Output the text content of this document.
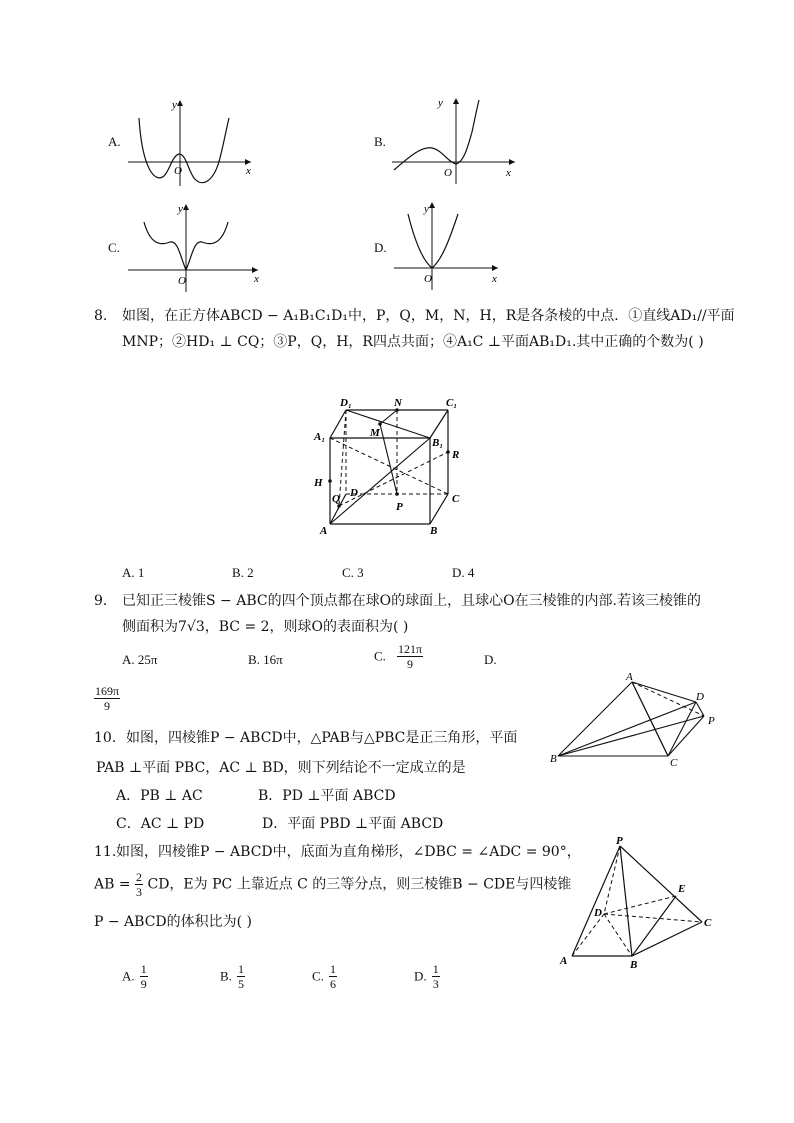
A.
y
x
O
B.
y
x
O
C.
y
x
O
D.
y
x
O
8. 如图，在正方体ABCD − A₁B₁C₁D₁中，P，Q，M，N，H，R是各条棱的中点．①直线AD₁//平面
MNP；②HD₁ ⊥ CQ；③P，Q，H，R四点共面；④A₁C ⊥平面AB₁D₁.其中正确的个数为( )
D₁	N	C₁
A₁	M
B₁
R
H
Q D
P
C
A	B
A. 1	B. 2	C. 3	D. 4
9. 已知正三棱锥S − ABC的四个顶点都在球O的球面上，且球心O在三棱锥的内部.若该三棱锥的
侧面积为7√3，BC = 2，则球O的表面积为( )
A. 25π	B. 16π	C. $\frac{121\pi}{9}$	D.
$\frac{169\pi}{9}$
10. 如图，四棱锥P − ABCD中，△PAB与△PBC是正三角形，平面
PAB ⊥平面 PBC，AC ⊥ BD，则下列结论不一定成立的是
A．PB ⊥ AC	B．PD ⊥平面 ABCD
C．AC ⊥ PD	D．平面 PBD ⊥平面 ABCD
A
D
P
B	C
11. 如图，四棱锥P − ABCD中，底面为直角梯形，∠DBC = ∠ADC = 90°，
AB = $\frac{2}{3}$ CD，E为 PC 上靠近点 C 的三等分点，则三棱锥B − CDE与四棱锥
P − ABCD的体积比为( )
P
E
D
C
A	B
A. $\frac{1}{9}$	B. $\frac{1}{5}$	C. $\frac{1}{6}$	D. $\frac{1}{3}$
